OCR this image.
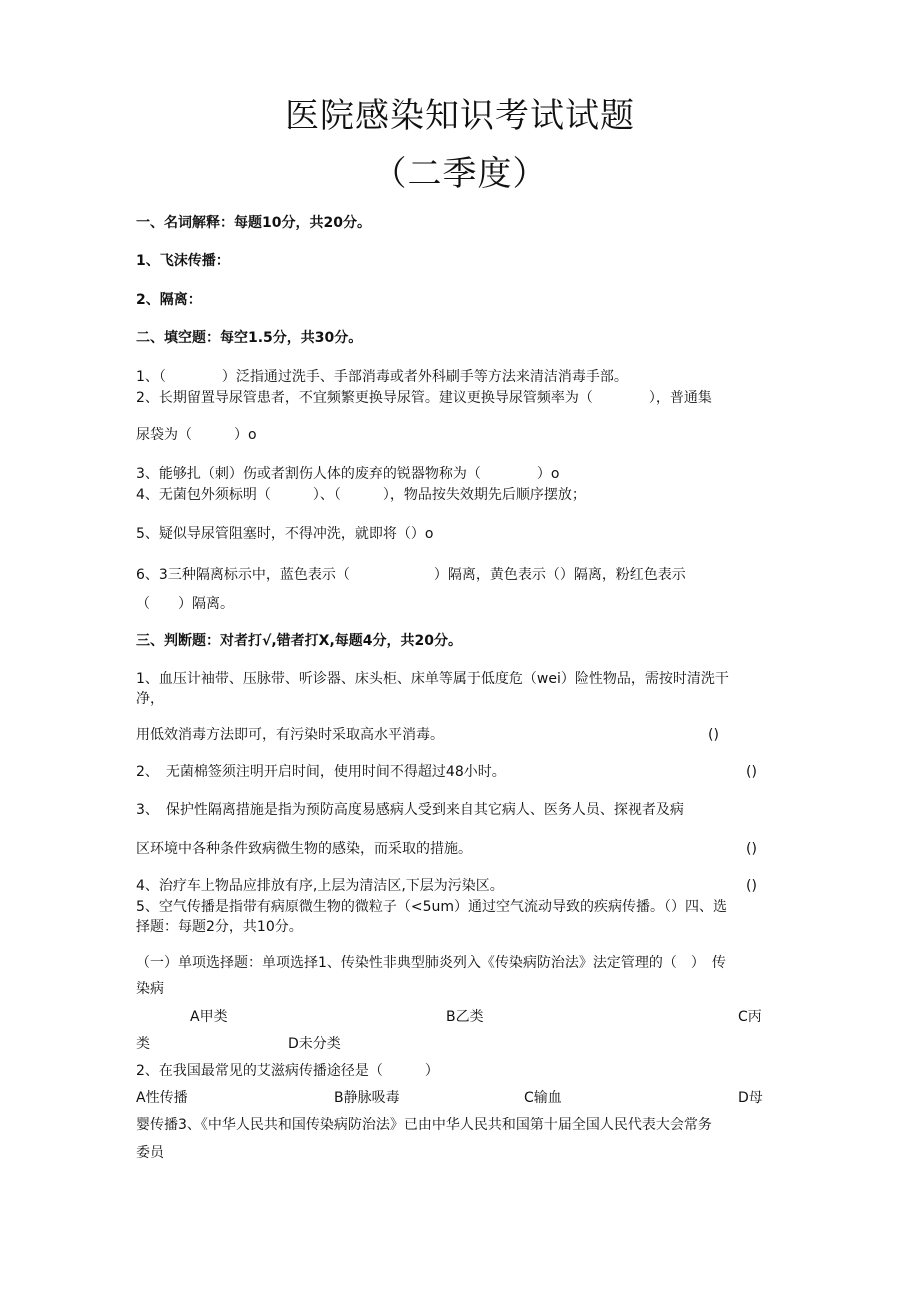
医院感染知识考试试题
（二季度）
一、名词解释：每题10分，共20分。
1、飞沫传播：
2、隔离：
二、填空题：每空1.5分，共30分。
1、（　　　　）泛指通过洗手、手部消毒或者外科刷手等方法来清洁消毒手部。
2、长期留置导尿管患者，不宜频繁更换导尿管。建议更换导尿管频率为（　　　　），普通集
尿袋为（　　　）o
3、能够扎（刺）伤或者割伤人体的废弃的锐器物称为（　　　　）o
4、无菌包外须标明（　　　）、（　　　），物品按失效期先后顺序摆放；
5、疑似导尿管阻塞时，不得冲洗，就即将（）o
6、3三种隔离标示中，蓝色表示（　　　　　　）隔离，黄色表示（）隔离，粉红色表示
（　　）隔离。
三、判断题：对者打√,错者打X,每题4分，共20分。
1、血压计袖带、压脉带、听诊器、床头柜、床单等属于低度危（wei）险性物品，需按时清洗干
净，
用低效消毒方法即可，有污染时采取高水平消毒。	()
2、　无菌棉签须注明开启时间，使用时间不得超过48小时。	()
3、　保护性隔离措施是指为预防高度易感病人受到来自其它病人、医务人员、探视者及病
区环境中各种条件致病微生物的感染，而采取的措施。	()
4、治疗车上物品应排放有序,上层为清洁区,下层为污染区。	()
5、空气传播是指带有病原微生物的微粒子（<5um）通过空气流动导致的疾病传播。（）四、选
择题：每题2分，共10分。
（一）单项选择题：单项选择1、传染性非典型肺炎列入《传染病防治法》法定管理的（　）　传
染病
A甲类	B乙类	C丙
类	D未分类
2、在我国最常见的艾滋病传播途径是（　　　）
A性传播	B静脉吸毒	C输血	D母
婴传播3、《中华人民共和国传染病防治法》已由中华人民共和国第十届全国人民代表大会常务
委员
